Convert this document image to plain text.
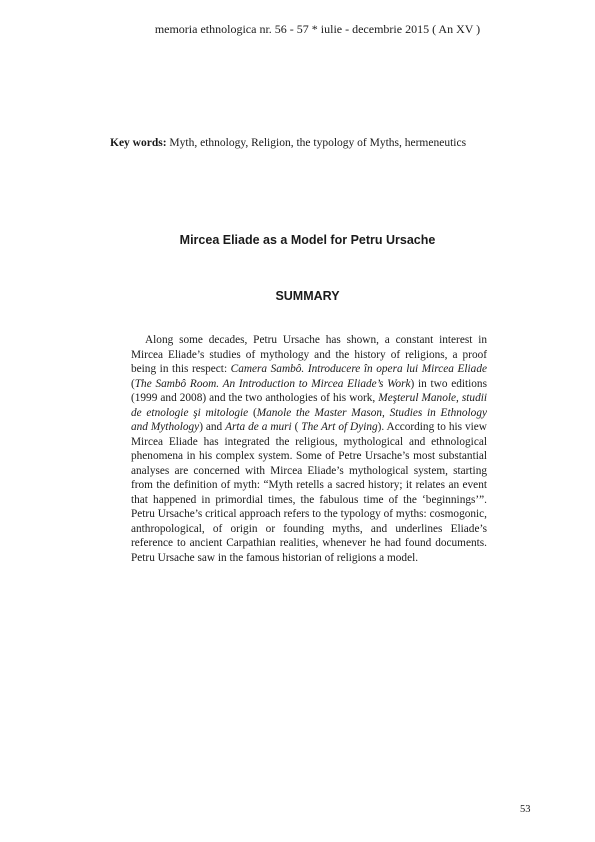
memoria ethnologica nr. 56 - 57 * iulie - decembrie 2015 ( An XV )
Key words: Myth, ethnology, Religion, the typology of Myths, hermeneutics
Mircea Eliade as a Model for Petru Ursache
SUMMARY

Along some decades, Petru Ursache has shown, a constant interest in Mircea Eliade’s studies of mythology and the history of religions, a proof being in this respect: Camera Sambô. Introducere în opera lui Mircea Eliade (The Sambô Room. An Introduction to Mircea Eliade’s Work) in two editions (1999 and 2008) and the two anthologies of his work, Meşterul Manole, studii de etnologie şi mitologie (Manole the Master Mason, Studies in Ethnology and Mythology) and Arta de a muri ( The Art of Dying). According to his view Mircea Eliade has integrated the religious, mythological and ethnological phenomena in his complex system. Some of Petre Ursache’s most substantial analyses are concerned with Mircea Eliade’s mythological system, starting from the definition of myth: “Myth retells a sacred history; it relates an event that happened in primordial times, the fabulous time of the ‘beginnings’”. Petru Ursache’s critical approach refers to the typology of myths: cosmogonic, anthropological, of origin or founding myths, and underlines Eliade’s reference to ancient Carpathian realities, whenever he had found documents. Petru Ursache saw in the famous historian of religions a model.

53
